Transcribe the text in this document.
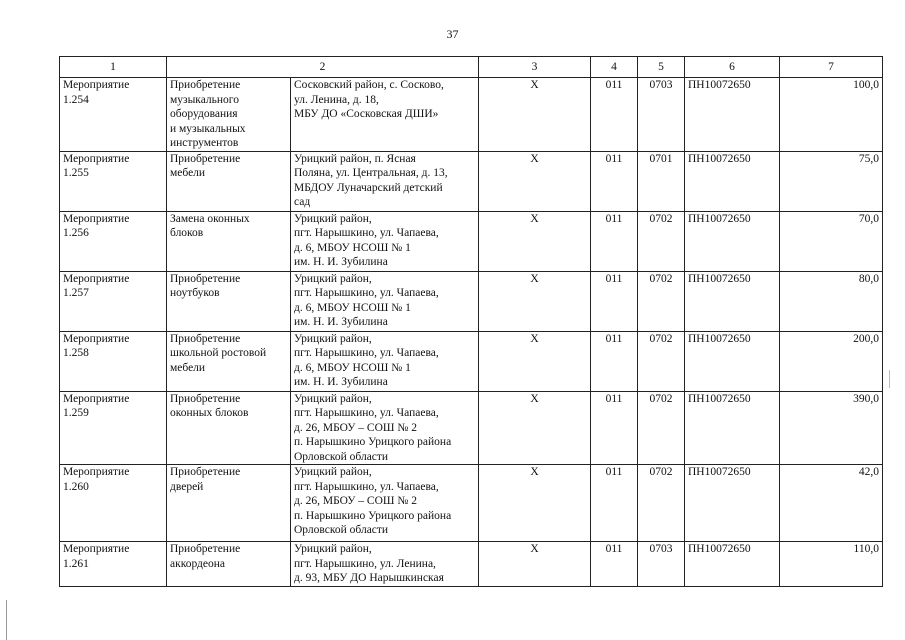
37
1	2		3	4	5	6	7

Мероприятие
1.254	Приобретение
музыкального
оборудования
и музыкальных
инструментов	Сосковский район, с. Сосково,
ул. Ленина, д. 18,
МБУ ДО «Сосковская ДШИ»	Х	011	0703	ПН10072650	100,0

Мероприятие
1.255	Приобретение
мебели	Урицкий район, п. Ясная
Поляна, ул. Центральная, д. 13,
МБДОУ Луначарский детский
сад	Х	011	0701	ПН10072650	75,0

Мероприятие
1.256	Замена оконных
блоков	Урицкий район,
пгт. Нарышкино, ул. Чапаева,
д. 6, МБОУ НСОШ № 1
им. Н. И. Зубилина	Х	011	0702	ПН10072650	70,0

Мероприятие
1.257	Приобретение
ноутбуков	Урицкий район,
пгт. Нарышкино, ул. Чапаева,
д. 6, МБОУ НСОШ № 1
им. Н. И. Зубилина	Х	011	0702	ПН10072650	80,0

Мероприятие
1.258	Приобретение
школьной ростовой
мебели	Урицкий район,
пгт. Нарышкино, ул. Чапаева,
д. 6, МБОУ НСОШ № 1
им. Н. И. Зубилина	Х	011	0702	ПН10072650	200,0

Мероприятие
1.259	Приобретение
оконных блоков	Урицкий район,
пгт. Нарышкино, ул. Чапаева,
д. 26, МБОУ – СОШ № 2
п. Нарышкино Урицкого района
Орловской области	Х	011	0702	ПН10072650	390,0

Мероприятие
1.260	Приобретение
дверей	Урицкий район,
пгт. Нарышкино, ул. Чапаева,
д. 26, МБОУ – СОШ № 2
п. Нарышкино Урицкого района
Орловской области	Х	011	0702	ПН10072650	42,0

Мероприятие
1.261	Приобретение
аккордеона	Урицкий район,
пгт. Нарышкино, ул. Ленина,
д. 93, МБУ ДО Нарышкинская	Х	011	0703	ПН10072650	110,0
